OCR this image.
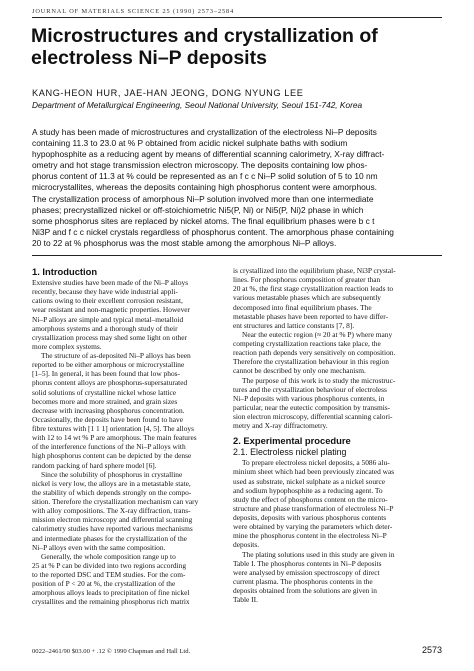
JOURNAL OF MATERIALS SCIENCE 25 (1990) 2573–2584
Microstructures and crystallization of
electroless Ni–P deposits
KANG-HEON HUR, JAE-HAN JEONG, DONG NYUNG LEE
Department of Metallurgical Engineering, Seoul National University, Seoul 151-742, Korea
A study has been made of microstructures and crystallization of the electroless Ni–P deposits
containing 11.3 to 23.0 at % P obtained from acidic nickel sulphate baths with sodium
hypophosphite as a reducing agent by means of differential scanning calorimetry, X-ray diffract-
ometry and hot stage transmission electron microscopy. The deposits containing low phos-
phorus content of 11.3 at % could be represented as an f c c Ni–P solid solution of 5 to 10 nm
microcrystallites, whereas the deposits containing high phosphorus content were amorphous.
The crystallization process of amorphous Ni–P solution involved more than one intermediate
phases; precrystallized nickel or off-stoichiometric Ni5(P, Ni) or Ni5(P, Ni)2 phase in which
some phosphorus sites are replaced by nickel atoms. The final equilibrium phases were b c t
Ni3P and f c c nickel crystals regardless of phosphorus content. The amorphous phase containing
20 to 22 at % phosphorus was the most stable among the amorphous Ni–P alloys.
1. Introduction
Extensive studies have been made of the Ni–P alloys
recently, because they have wide industrial appli-
cations owing to their excellent corrosion resistant,
wear resistant and non-magnetic properties. However
Ni–P alloys are simple and typical metal–metalloid
amorphous systems and a thorough study of their
crystallization process may shed some light on other
more complex systems.
The structure of as-deposited Ni–P alloys has been
reported to be either amorphous or microcrystalline
[1–5]. In general, it has been found that low phos-
phorus content alloys are phosphorus-supersaturated
solid solutions of crystalline nickel whose lattice
becomes more and more strained, and grain sizes
decrease with increasing phosphorus concentration.
Occasionally, the deposits have been found to have
fibre textures with [1 1 1] orientation [4, 5]. The alloys
with 12 to 14 wt % P are amorphous. The main features
of the interference functions of the Ni–P alloys with
high phosphorus content can be depicted by the dense
random packing of hard sphere model [6].
Since the solubility of phosphorus in crystalline
nickel is very low, the alloys are in a metastable state,
the stability of which depends strongly on the compo-
sition. Therefore the crystallization mechanism can vary
with alloy compositions. The X-ray diffraction, trans-
mission electron microscopy and differential scanning
calorimetry studies have reported various mechanisms
and intermediate phases for the crystallization of the
Ni–P alloys even with the same composition.
Generally, the whole composition range up to
25 at % P can be divided into two regions according
to the reported DSC and TEM studies. For the com-
position of P < 20 at %, the crystallization of the
amorphous alloys leads to precipitation of fine nickel
crystallites and the remaining phosphorus rich matrix
is crystallized into the equilibrium phase, Ni3P crystal-
lines. For phosphorus composition of greater than
20 at %, the first stage crystallization reaction leads to
various metastable phases which are subsequently
decomposed into final equilibrium phases. The
metastable phases have been reported to have differ-
ent structures and lattice constants [7, 8].
Near the eutectic region (≈ 20 at % P) where many
competing crystallization reactions take place, the
reaction path depends very sensitively on composition.
Therefore the crystallization behaviour in this region
cannot be described by only one mechanism.
The purpose of this work is to study the microstruc-
tures and the crystallization behaviour of electroless
Ni–P deposits with various phosphorus contents, in
particular, near the eutectic composition by transmis-
sion electron microscopy, differential scanning calori-
metry and X-ray diffractometry.
2. Experimental procedure
2.1. Electroless nickel plating
To prepare electroless nickel deposits, a 5086 alu-
minium sheet which had been previously zincated was
used as substrate, nickel sulphate as a nickel source
and sodium hypophosphite as a reducing agent. To
study the effect of phosphorus content on the micro-
structure and phase transformation of electroless Ni–P
deposits, deposits with various phosphorus contents
were obtained by varying the parameters which deter-
mine the phosphorus content in the electroless Ni–P
deposits.
The plating solutions used in this study are given in
Table I. The phosphorus contents in Ni–P deposits
were analysed by emission spectroscopy of direct
current plasma. The phosphorus contents in the
deposits obtained from the solutions are given in
Table II.
0022–2461/90 $03.00 + .12 © 1990 Chapman and Hall Ltd.	2573
